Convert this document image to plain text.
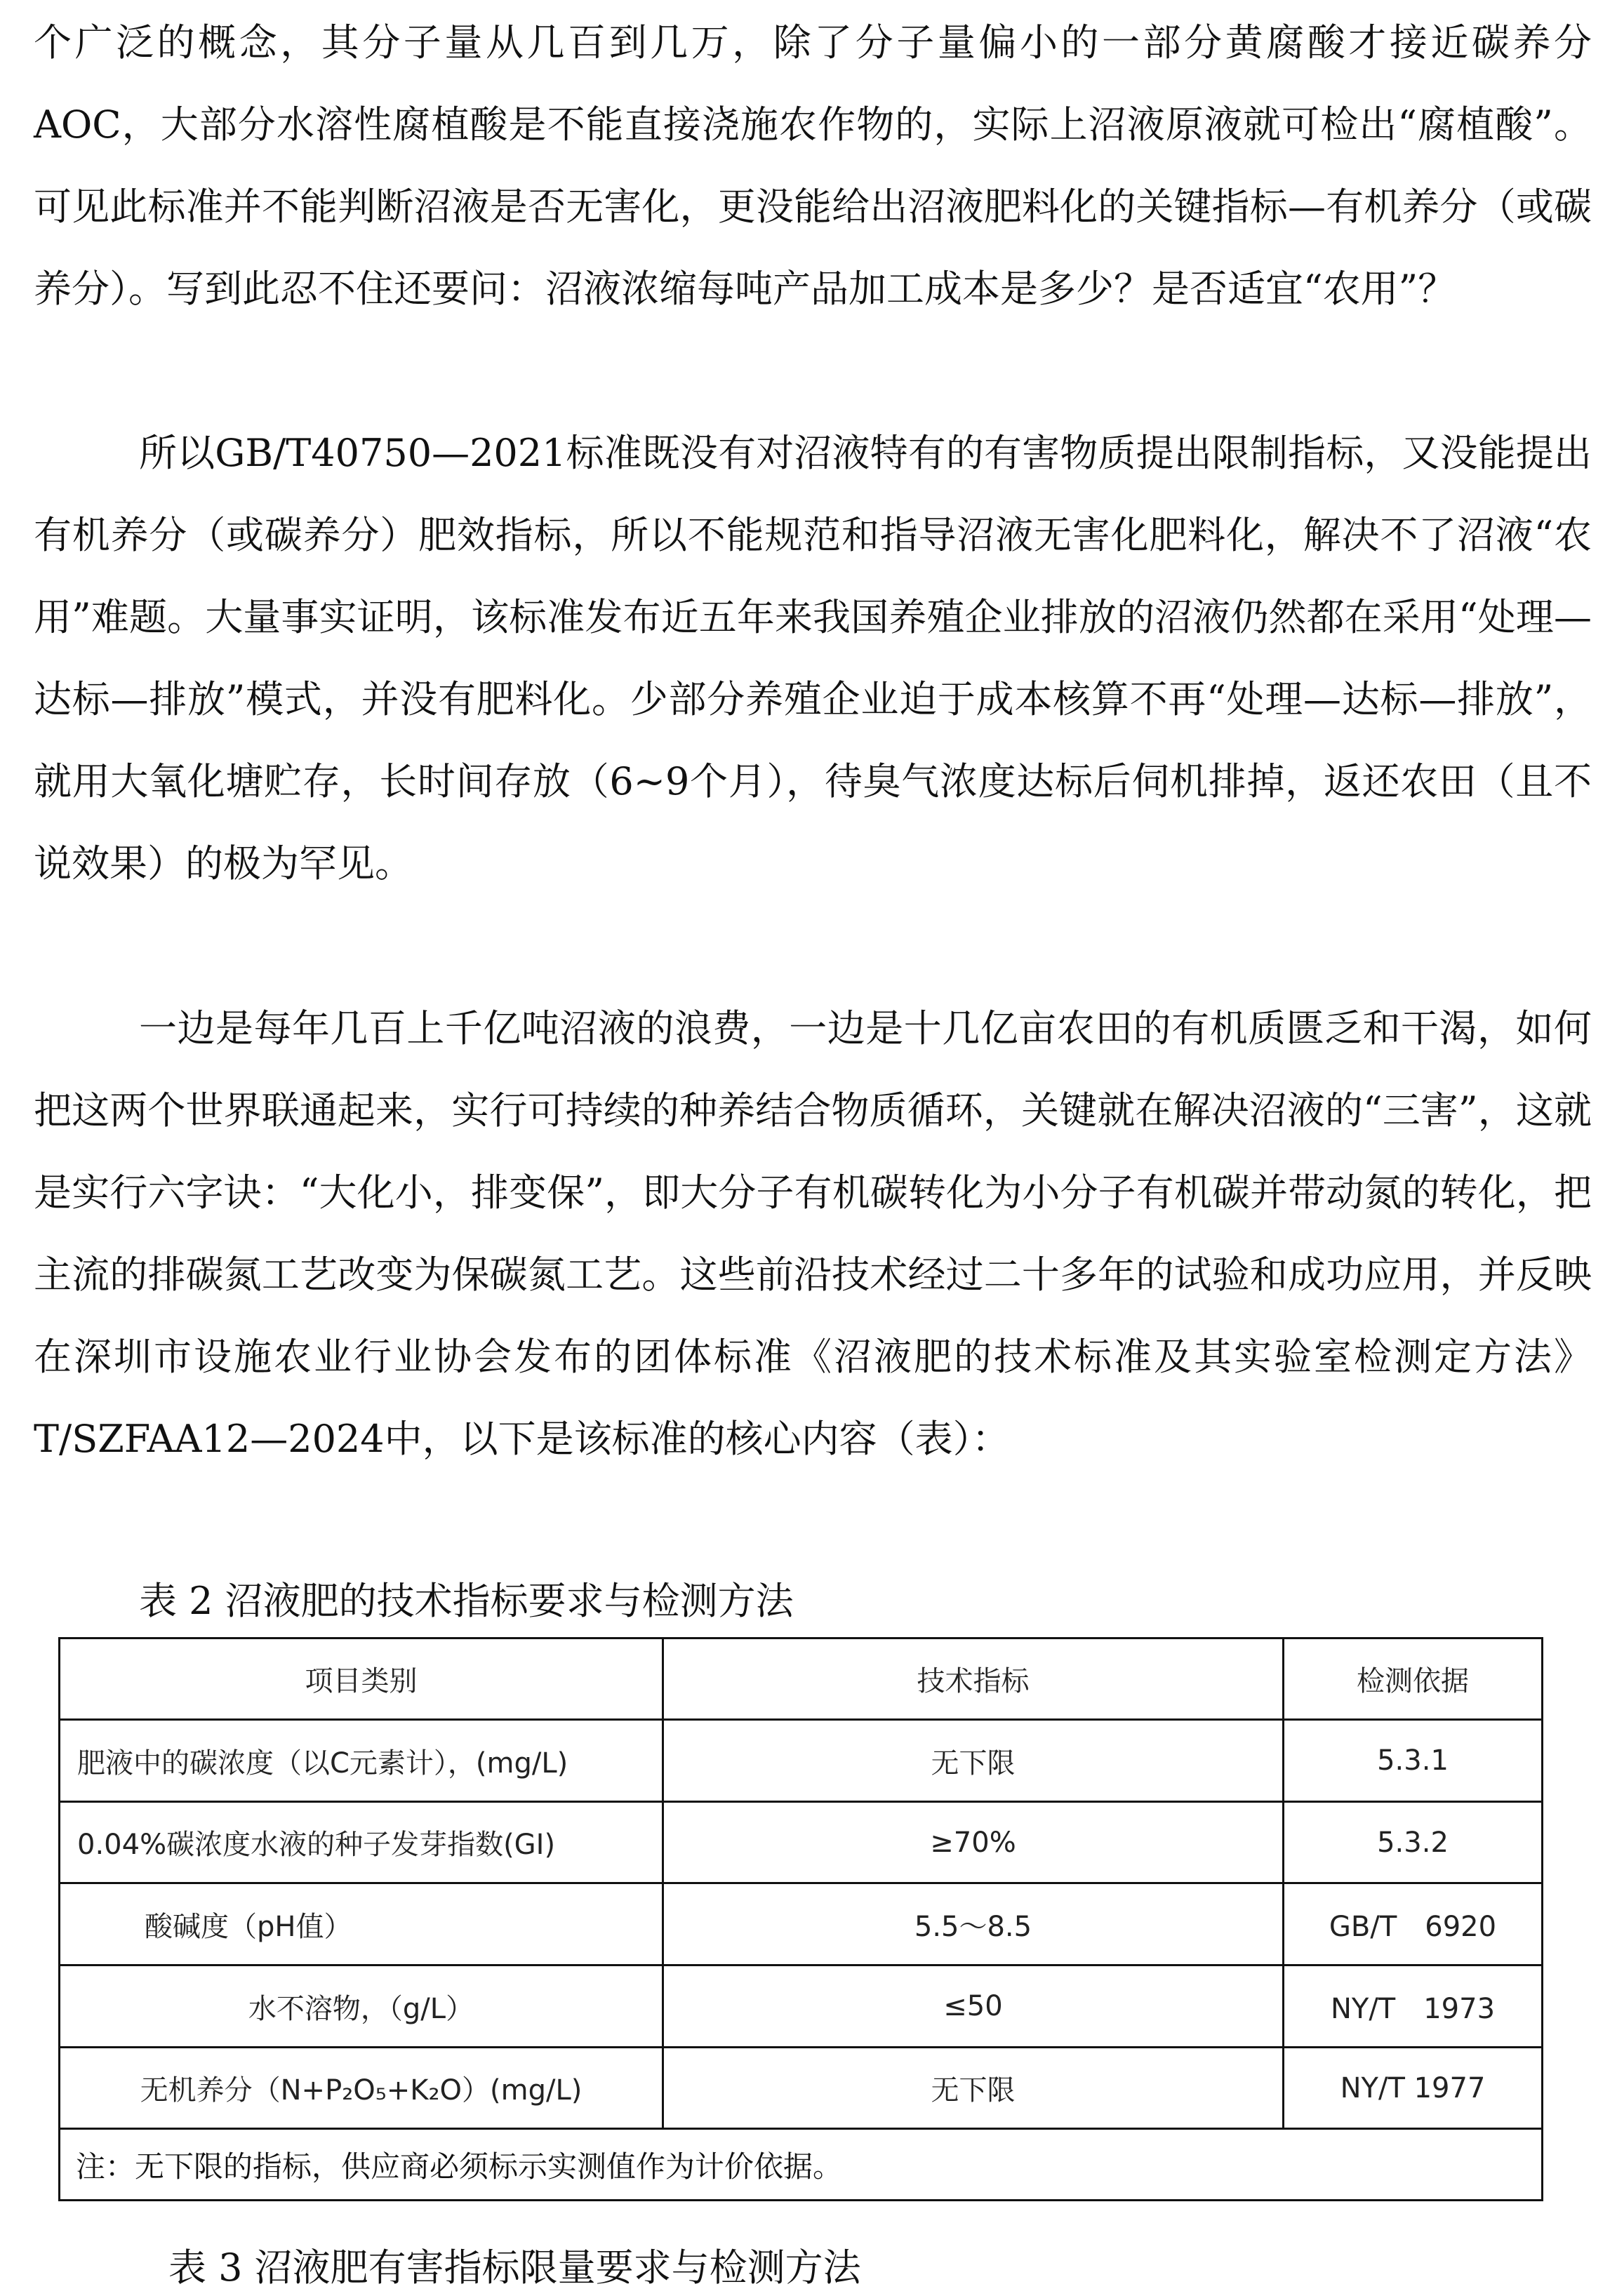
个广泛的概念，其分子量从几百到几万，除了分子量偏小的一部分黄腐酸才接近碳养分AOC，大部分水溶性腐植酸是不能直接浇施农作物的，实际上沼液原液就可检出“腐植酸”。可见此标准并不能判断沼液是否无害化，更没能给出沼液肥料化的关键指标—有机养分（或碳养分）。写到此忍不住还要问：沼液浓缩每吨产品加工成本是多少？是否适宜“农用”？

所以GB/T40750—2021标准既没有对沼液特有的有害物质提出限制指标，又没能提出有机养分（或碳养分）肥效指标，所以不能规范和指导沼液无害化肥料化，解决不了沼液“农用”难题。大量事实证明，该标准发布近五年来我国养殖企业排放的沼液仍然都在采用“处理—达标—排放”模式，并没有肥料化。少部分养殖企业迫于成本核算不再“处理—达标—排放”，就用大氧化塘贮存，长时间存放（6~9个月），待臭气浓度达标后伺机排掉，返还农田（且不说效果）的极为罕见。

一边是每年几百上千亿吨沼液的浪费，一边是十几亿亩农田的有机质匮乏和干渴，如何把这两个世界联通起来，实行可持续的种养结合物质循环，关键就在解决沼液的“三害”，这就是实行六字诀：“大化小，排变保”，即大分子有机碳转化为小分子有机碳并带动氮的转化，把主流的排碳氮工艺改变为保碳氮工艺。这些前沿技术经过二十多年的试验和成功应用，并反映在深圳市设施农业行业协会发布的团体标准《沼液肥的技术标准及其实验室检测定方法》T/SZFAA12—2024中，以下是该标准的核心内容（表）：

表 2 沼液肥的技术指标要求与检测方法

项目类别	技术指标	检测依据
肥液中的碳浓度（以C元素计），(mg/L)	无下限	5.3.1
0.04%碳浓度水液的种子发芽指数(GI)	≥70%	5.3.2
酸碱度（pH值）	5.5～8.5	GB/T　6920
水不溶物，（g/L）	≤50	NY/T　1973
无机养分（N+P₂O₅+K₂O）(mg/L)	无下限	NY/T 1977
注：无下限的指标，供应商必须标示实测值作为计价依据。

表 3 沼液肥有害指标限量要求与检测方法
